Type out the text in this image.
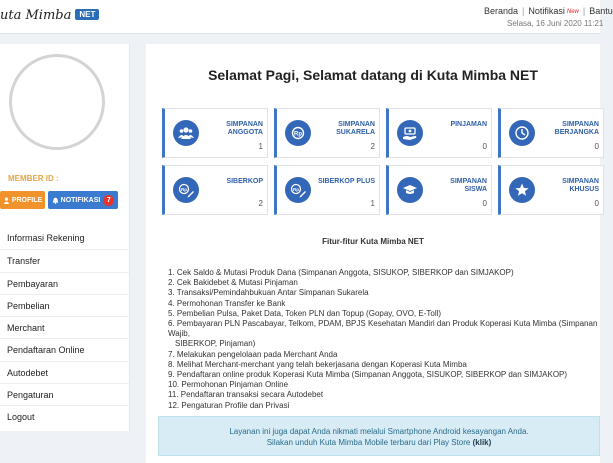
uta Mimba NET	Beranda | Notifikasi New | Bantu
Selasa, 16 Juni 2020 11:21
MEMBER ID :
PROFILE	NOTIFIKASI 7
Informasi Rekening
Transfer
Pembayaran
Pembelian
Merchant
Pendaftaran Online
Autodebet
Pengaturan
Logout
Selamat Pagi, Selamat datang di Kuta Mimba NET
SIMPANAN ANGGOTA
1
Rp
SIMPANAN SUKARELA
2
PINJAMAN
0
SIMPANAN BERJANGKA
0
Rp
SIBERKOP
2
Rp
SIBERKOP PLUS
1
SIMPANAN SISWA
0
SIMPANAN KHUSUS
0
Fitur-fitur Kuta Mimba NET
1. Cek Saldo & Mutasi Produk Dana (Simpanan Anggota, SISUKOP, SIBERKOP dan SIMJAKOP)
2. Cek Bakidebet & Mutasi Pinjaman
3. Transaksi/Pemindahbukuan Antar Simpanan Sukarela
4. Permohonan Transfer ke Bank
5. Pembelian Pulsa, Paket Data, Token PLN dan Topup (Gopay, OVO, E-Toll)
6. Pembayaran PLN Pascabayar, Telkom, PDAM, BPJS Kesehatan Mandiri dan Produk Koperasi Kuta Mimba (Simpanan Wajib,
SIBERKOP, Pinjaman)
7. Melakukan pengelolaan pada Merchant Anda
8. Melihat Merchant-merchant yang telah bekerjasana dengan Koperasi Kuta Mimba
9. Pendaftaran online produk Koperasi Kuta Mimba (Simpanan Anggota, SISUKOP, SIBERKOP dan SIMJAKOP)
10. Permohonan Pinjaman Online
11. Pendaftaran transaksi secara Autodebet
12. Pengaturan Profile dan Privasi
Layanan ini juga dapat Anda nikmati melalui Smartphone Android kesayangan Anda.
Silakan unduh Kuta Mimba Mobile terbaru dari Play Store (klik)
